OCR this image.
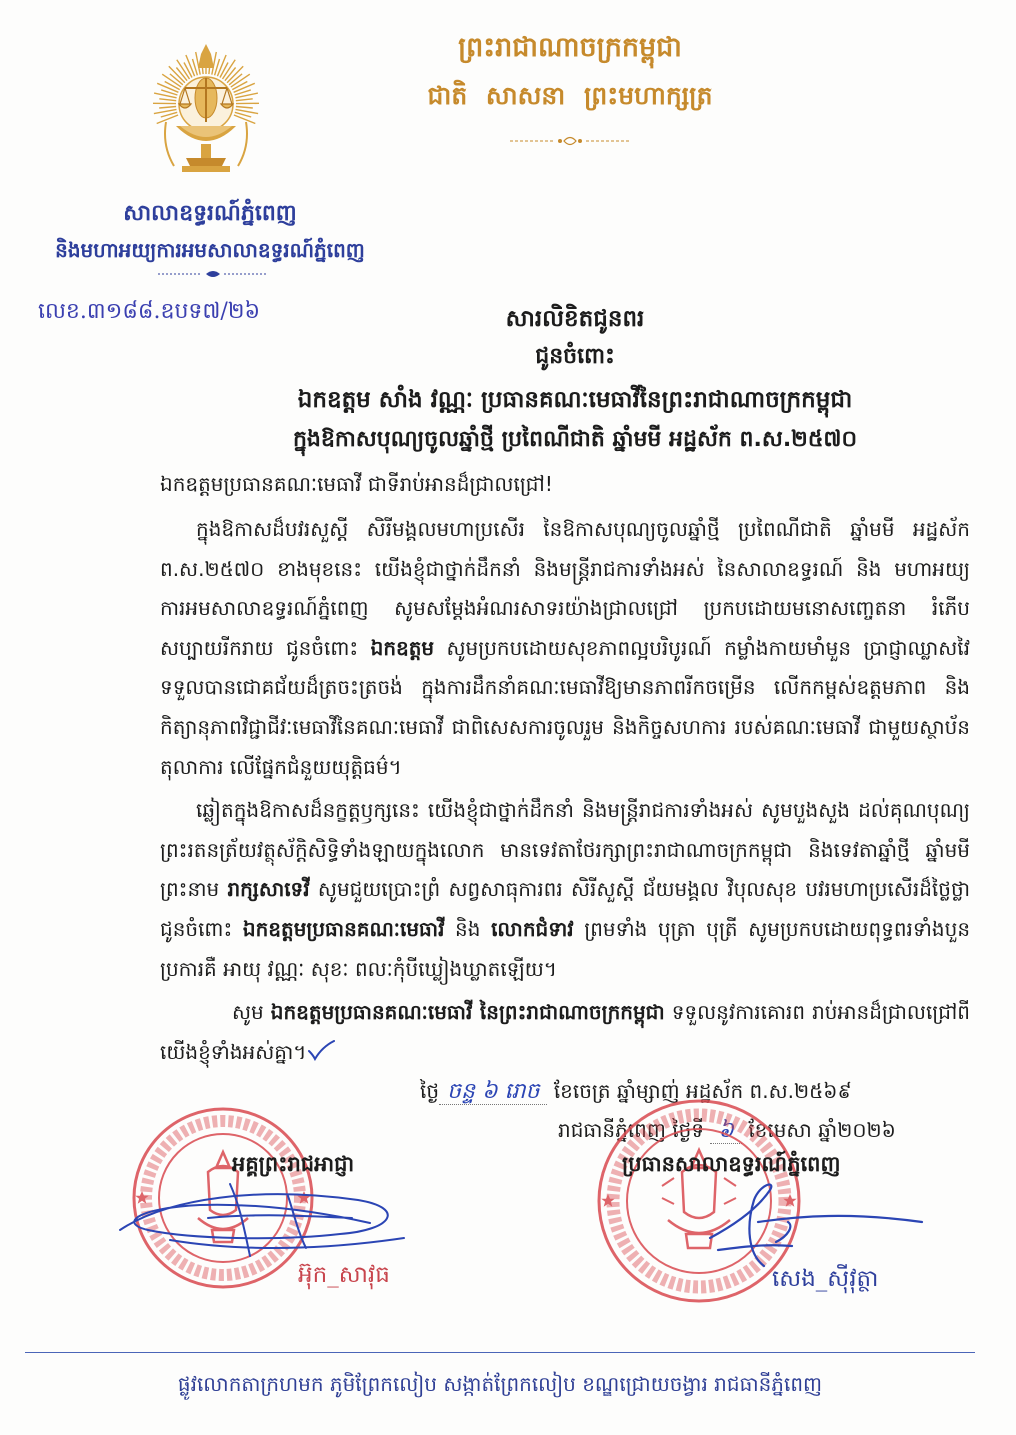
ព្រះរាជាណាចក្រកម្ពុជា
ជាតិ សាសនា ព្រះមហាក្សត្រ
សាលាឧទ្ធរណ៍ភ្នំពេញ
និងមហាអយ្យការអមសាលាឧទ្ធរណ៍ភ្នំពេញ
លេខ.៣១៨៨.ឧបទ៧/២៦	សារលិខិតជូនពរ
ជូនចំពោះ
ឯកឧត្តម សាំង វណ្ណៈ ប្រធានគណៈមេធាវីនៃព្រះរាជាណាចក្រកម្ពុជា
ក្នុងឱកាសបុណ្យចូលឆ្នាំថ្មី ប្រពៃណីជាតិ ឆ្នាំមមី អដ្ឋស័ក ព.ស.២៥៧០
ឯកឧត្តមប្រធានគណៈមេធាវី ជាទីរាប់អានដ៏ជ្រាលជ្រៅ!

ក្នុងឱកាសដ៏បវរសួស្តី សិរីមង្គលមហាប្រសើរ នៃឱកាសបុណ្យចូលឆ្នាំថ្មី ប្រពៃណីជាតិ ឆ្នាំមមី អដ្ឋស័ក ព.ស.២៥៧០ ខាងមុខនេះ យើងខ្ញុំជាថ្នាក់ដឹកនាំ និងមន្ត្រីរាជការទាំងអស់ នៃសាលាឧទ្ធរណ៍ និង មហាអយ្យការអមសាលាឧទ្ធរណ៍ភ្នំពេញ សូមសម្តែងអំណរសាទរយ៉ាងជ្រាលជ្រៅ ប្រកបដោយមនោសញ្ចេតនា រំភើបសប្បាយរីករាយ ជូនចំពោះ ឯកឧត្តម សូមប្រកបដោយសុខភាពល្អបរិបូរណ៍ កម្លាំងកាយមាំមួន ប្រាជ្ញាឈ្លាសវៃ ទទួលបានជោគជ័យដ៏ត្រចះត្រចង់ ក្នុងការដឹកនាំគណៈមេធាវីឱ្យមានភាពរីកចម្រើន លើកកម្ពស់ឧត្តមភាព និងកិត្យានុភាពវិជ្ជាជីវៈមេធាវីនៃគណៈមេធាវី ជាពិសេសការចូលរួម និងកិច្ចសហការ របស់គណៈមេធាវី ជាមួយស្ថាប័នតុលាការ លើផ្នែកជំនួយយុត្តិធម៌។

ឆ្លៀតក្នុងឱកាសដ៏នក្ខត្តឫក្សនេះ យើងខ្ញុំជាថ្នាក់ដឹកនាំ និងមន្ត្រីរាជការទាំងអស់ សូមបួងសួង ដល់គុណបុណ្យព្រះរតនត្រ័យវត្ថុស័ក្តិសិទ្ធិទាំងឡាយក្នុងលោក មានទេវតាថែរក្សាព្រះរាជាណាចក្រកម្ពុជា និងទេវតាឆ្នាំថ្មី ឆ្នាំមមី ព្រះនាម រាក្សសាទេវី សូមជួយប្រោះព្រំ សព្វសាធុការពរ សិរីសួស្តី ជ័យមង្គល វិបុលសុខ បវរមហាប្រសើរដ៏ថ្លៃថ្លា ជូនចំពោះ ឯកឧត្តមប្រធានគណៈមេធាវី និង លោកជំទាវ ព្រមទាំង បុត្រា បុត្រី សូមប្រកបដោយពុទ្ធពរទាំងបួនប្រការគឺ អាយុ វណ្ណៈ សុខៈ ពលៈកុំបីឃ្លៀងឃ្លាតឡើយ។

សូម ឯកឧត្តមប្រធានគណៈមេធាវី នៃព្រះរាជាណាចក្រកម្ពុជា ទទួលនូវការគោរព រាប់អានដ៏ជ្រាលជ្រៅពីយើងខ្ញុំទាំងអស់គ្នា។

ថ្ងៃ ចន្ទ ៦ រោច ខែចេត្រ ឆ្នាំម្សាញ់ អដ្ឋស័ក ព.ស.២៥៦៩
រាជធានីភ្នំពេញ ថ្ងៃទី ៦ ខែមេសា ឆ្នាំ២០២៦
អគ្គព្រះរាជអាជ្ញា	ប្រធានសាលាឧទ្ធរណ៍ភ្នំពេញ
អ៊ុក_សាវុធ	សេង_ស៊ីវុត្ថា
ផ្លូវលោកតាក្រហមក ភូមិព្រែកលៀប សង្កាត់ព្រែកលៀប ខណ្ឌជ្រោយចង្វារ រាជធានីភ្នំពេញ
